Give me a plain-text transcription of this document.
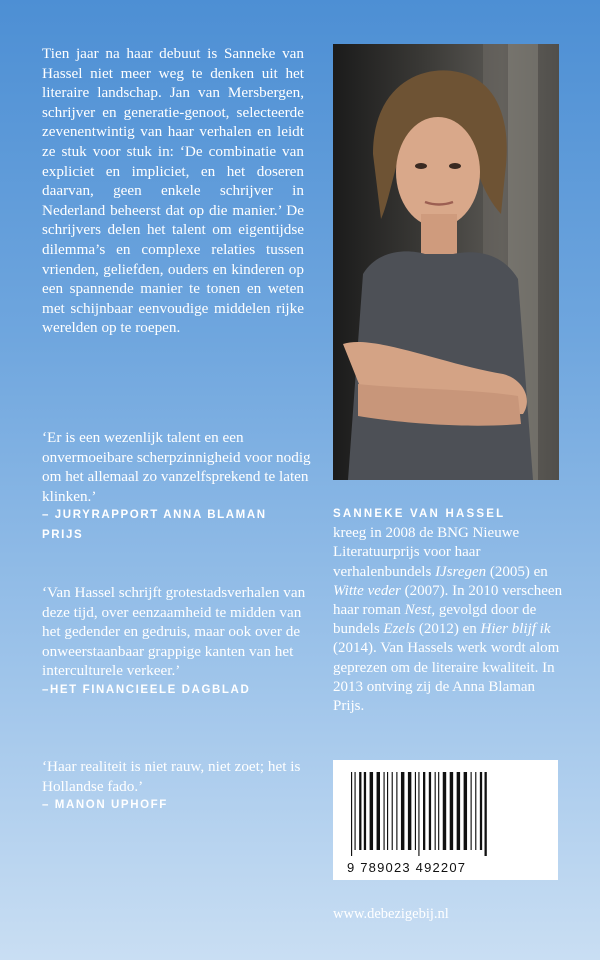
Tien jaar na haar debuut is Sanneke van Hassel niet meer weg te denken uit het literaire landschap. Jan van Mersbergen, schrijver en generatie-genoot, selecteerde zevenentwintig van haar verhalen en leidt ze stuk voor stuk in: ‘De combinatie van expliciet en impliciet, en het doseren daarvan, geen enkele schrijver in Nederland beheerst dat op die manier.’ De schrijvers delen het talent om eigentijdse dilemma’s en complexe relaties tussen vrienden, geliefden, ouders en kinderen op een spannende manier te tonen en weten met schijnbaar eenvoudige middelen rijke werelden op te roepen.

‘Er is een wezenlijk talent en een onvermoeibare scherpzinnigheid voor nodig om het allemaal zo vanzelfsprekend te laten klinken.’

– JURYRAPPORT ANNA BLAMAN PRIJS

‘Van Hassel schrijft grotestadsverhalen van deze tijd, over eenzaamheid te midden van het gedender en gedruis, maar ook over de onweerstaanbaar grappige kanten van het interculturele verkeer.’

–HET FINANCIEELE DAGBLAD

‘Haar realiteit is niet rauw, niet zoet; het is Hollandse fado.’

– MANON UPHOFF

SANNEKE VAN HASSEL
kreeg in 2008 de BNG Nieuwe Literatuurprijs voor haar verhalenbundels IJsregen (2005) en Witte veder (2007). In 2010 verscheen haar roman Nest, gevolgd door de bundels Ezels (2012) en Hier blijf ik (2014). Van Hassels werk wordt alom geprezen om de literaire kwaliteit. In 2013 ontving zij de Anna Blaman Prijs.

9 789023 492207

www.debezigebij.nl
